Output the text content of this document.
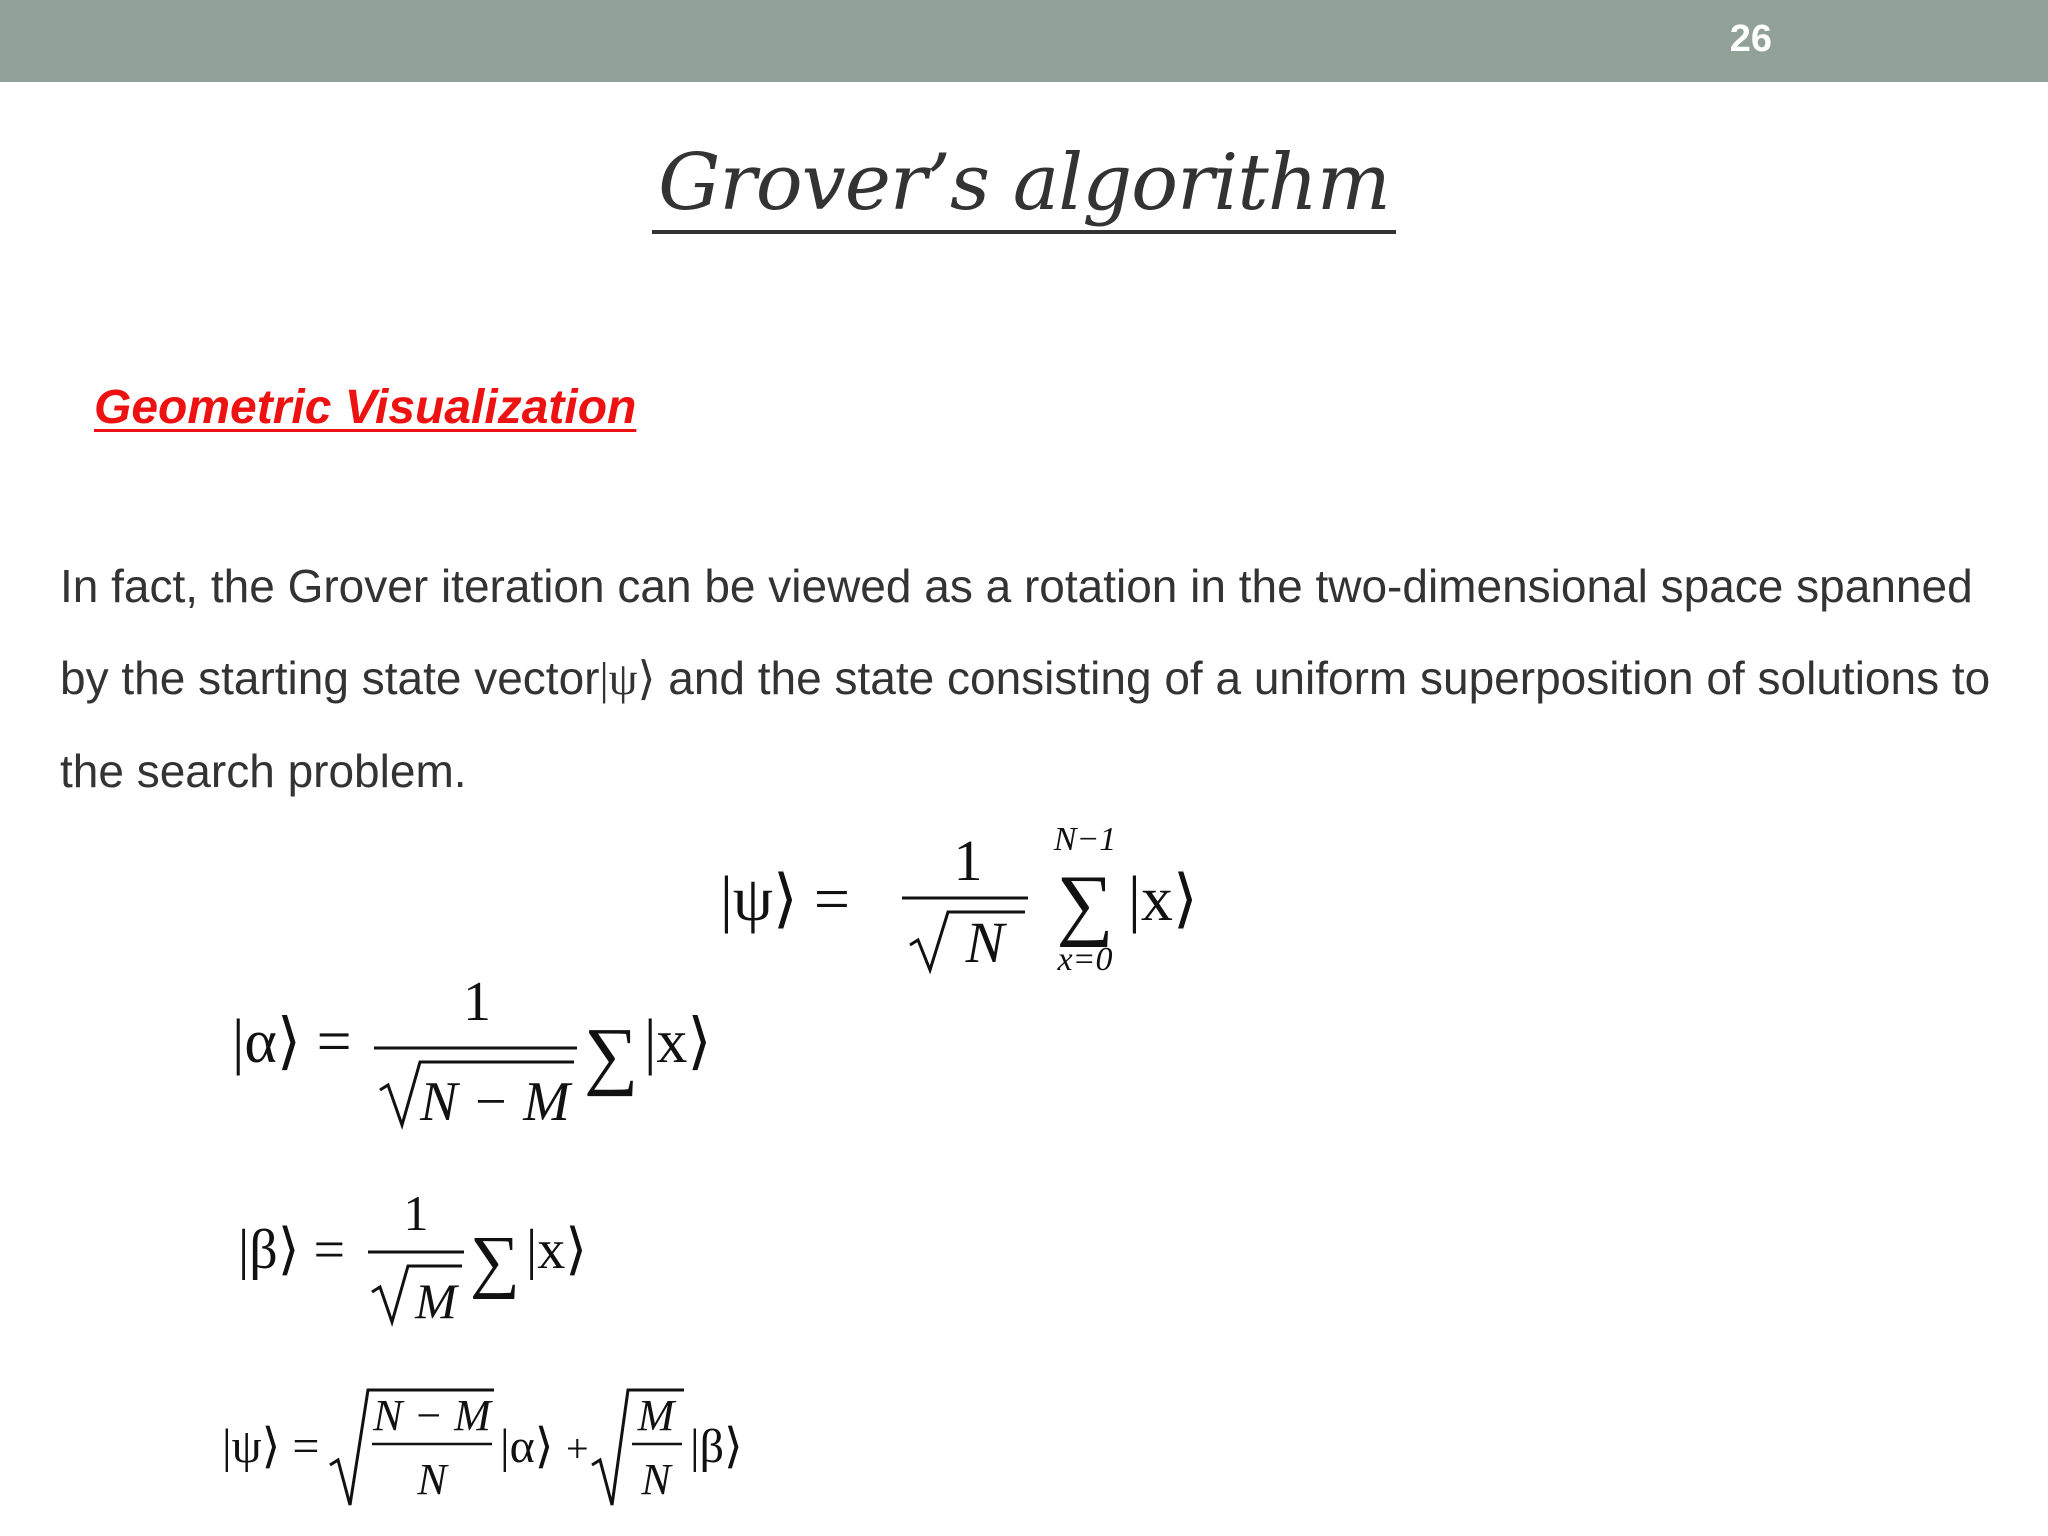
26
Grover’s algorithm
Geometric Visualization
In fact, the Grover iteration can be viewed as a rotation in the two-dimensional space spanned by the starting state vector|ψ⟩ and the state consisting of a uniform superposition of solutions to the search problem.
|ψ⟩ =
1
N
N−1
∑
x=0
|x⟩
|α⟩ =
1
N − M
∑ |x⟩
|β⟩ =
1
M
∑ |x⟩
|ψ⟩ =
N − M
N
|α⟩ +
M
N
|β⟩
